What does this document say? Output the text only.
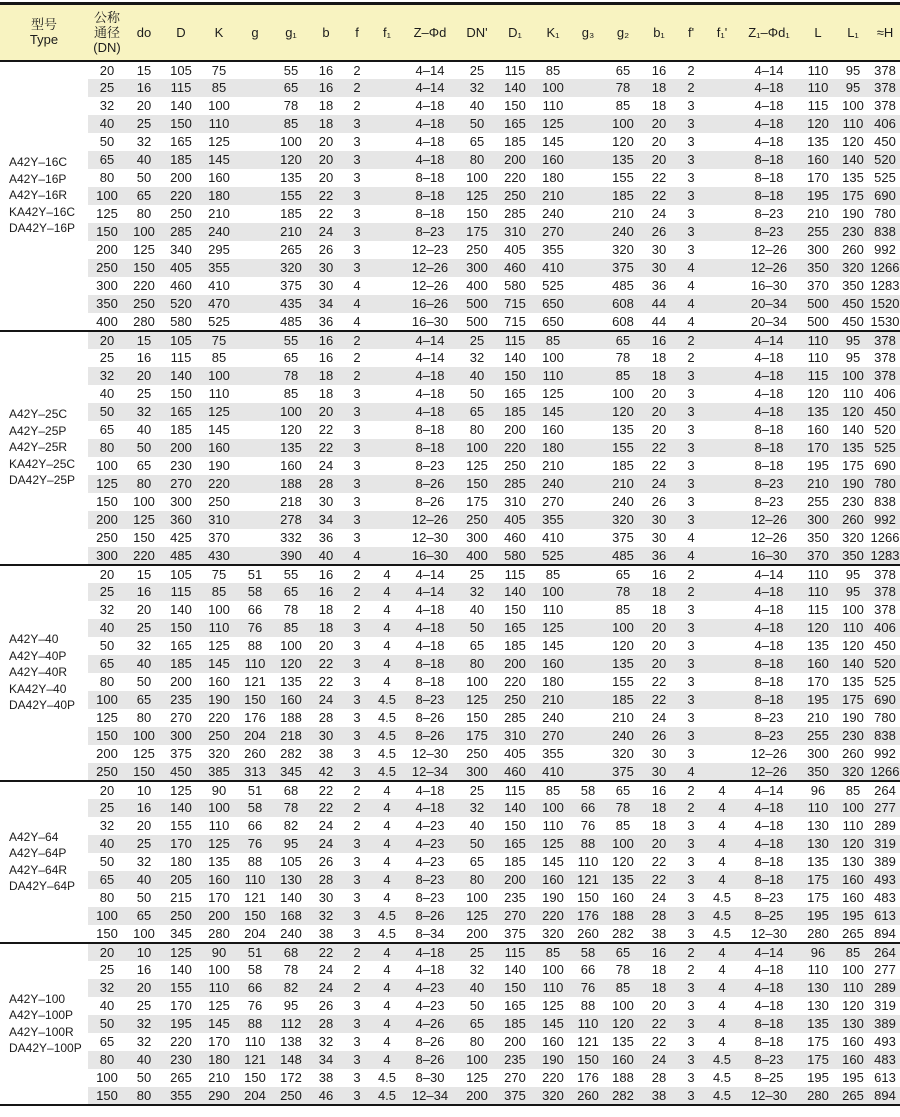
型号
Type

公称
通径
(DN)

do	D	K	g	g₁	b	f	f₁	Z–Φd	DN'	D₁	K₁	g₃	g₂	b₁	f'	f₁'	Z₁–Φd₁	L	L₁	≈H

A42Y–16C
A42Y–16P
A42Y–16R
KA42Y–16C
DA42Y–16P	20	15	105	75		55	16	2		4–14	25	115	85		65	16	2		4–14	110	95	378
	25	16	115	85		65	16	2		4–14	32	140	100		78	18	2		4–18	110	95	378
	32	20	140	100		78	18	2		4–18	40	150	110		85	18	3		4–18	115	100	378
	40	25	150	110		85	18	3		4–18	50	165	125		100	20	3		4–18	120	110	406
	50	32	165	125		100	20	3		4–18	65	185	145		120	20	3		4–18	135	120	450
	65	40	185	145		120	20	3		4–18	80	200	160		135	20	3		8–18	160	140	520
	80	50	200	160		135	20	3		8–18	100	220	180		155	22	3		8–18	170	135	525
	100	65	220	180		155	22	3		8–18	125	250	210		185	22	3		8–18	195	175	690
	125	80	250	210		185	22	3		8–18	150	285	240		210	24	3		8–23	210	190	780
	150	100	285	240		210	24	3		8–23	175	310	270		240	26	3		8–23	255	230	838
	200	125	340	295		265	26	3		12–23	250	405	355		320	30	3		12–26	300	260	992
	250	150	405	355		320	30	3		12–26	300	460	410		375	30	4		12–26	350	320	1266
	300	220	460	410		375	30	4		12–26	400	580	525		485	36	4		16–30	370	350	1283
	350	250	520	470		435	34	4		16–26	500	715	650		608	44	4		20–34	500	450	1520
	400	280	580	525		485	36	4		16–30	500	715	650		608	44	4		20–34	500	450	1530

A42Y–25C
A42Y–25P
A42Y–25R
KA42Y–25C
DA42Y–25P	20	15	105	75		55	16	2		4–14	25	115	85		65	16	2		4–14	110	95	378
	25	16	115	85		65	16	2		4–14	32	140	100		78	18	2		4–18	110	95	378
	32	20	140	100		78	18	2		4–18	40	150	110		85	18	3		4–18	115	100	378
	40	25	150	110		85	18	3		4–18	50	165	125		100	20	3		4–18	120	110	406
	50	32	165	125		100	20	3		4–18	65	185	145		120	20	3		4–18	135	120	450
	65	40	185	145		120	22	3		8–18	80	200	160		135	20	3		8–18	160	140	520
	80	50	200	160		135	22	3		8–18	100	220	180		155	22	3		8–18	170	135	525
	100	65	230	190		160	24	3		8–23	125	250	210		185	22	3		8–18	195	175	690
	125	80	270	220		188	28	3		8–26	150	285	240		210	24	3		8–23	210	190	780
	150	100	300	250		218	30	3		8–26	175	310	270		240	26	3		8–23	255	230	838
	200	125	360	310		278	34	3		12–26	250	405	355		320	30	3		12–26	300	260	992
	250	150	425	370		332	36	3		12–30	300	460	410		375	30	4		12–26	350	320	1266
	300	220	485	430		390	40	4		16–30	400	580	525		485	36	4		16–30	370	350	1283

A42Y–40
A42Y–40P
A42Y–40R
KA42Y–40
DA42Y–40P	20	15	105	75	51	55	16	2	4	4–14	25	115	85		65	16	2		4–14	110	95	378
	25	16	115	85	58	65	16	2	4	4–14	32	140	100		78	18	2		4–18	110	95	378
	32	20	140	100	66	78	18	2	4	4–18	40	150	110		85	18	3		4–18	115	100	378
	40	25	150	110	76	85	18	3	4	4–18	50	165	125		100	20	3		4–18	120	110	406
	50	32	165	125	88	100	20	3	4	4–18	65	185	145		120	20	3		4–18	135	120	450
	65	40	185	145	110	120	22	3	4	8–18	80	200	160		135	20	3		8–18	160	140	520
	80	50	200	160	121	135	22	3	4	8–18	100	220	180		155	22	3		8–18	170	135	525
	100	65	235	190	150	160	24	3	4.5	8–23	125	250	210		185	22	3		8–18	195	175	690
	125	80	270	220	176	188	28	3	4.5	8–26	150	285	240		210	24	3		8–23	210	190	780
	150	100	300	250	204	218	30	3	4.5	8–26	175	310	270		240	26	3		8–23	255	230	838
	200	125	375	320	260	282	38	3	4.5	12–30	250	405	355		320	30	3		12–26	300	260	992
	250	150	450	385	313	345	42	3	4.5	12–34	300	460	410		375	30	4		12–26	350	320	1266

A42Y–64
A42Y–64P
A42Y–64R
DA42Y–64P	20	10	125	90	51	68	22	2	4	4–18	25	115	85	58	65	16	2	4	4–14	96	85	264
	25	16	140	100	58	78	22	2	4	4–18	32	140	100	66	78	18	2	4	4–18	110	100	277
	32	20	155	110	66	82	24	2	4	4–23	40	150	110	76	85	18	3	4	4–18	130	110	289
	40	25	170	125	76	95	24	3	4	4–23	50	165	125	88	100	20	3	4	4–18	130	120	319
	50	32	180	135	88	105	26	3	4	4–23	65	185	145	110	120	22	3	4	8–18	135	130	389
	65	40	205	160	110	130	28	3	4	8–23	80	200	160	121	135	22	3	4	8–18	175	160	493
	80	50	215	170	121	140	30	3	4	8–23	100	235	190	150	160	24	3	4.5	8–23	175	160	483
	100	65	250	200	150	168	32	3	4.5	8–26	125	270	220	176	188	28	3	4.5	8–25	195	195	613
	150	100	345	280	204	240	38	3	4.5	8–34	200	375	320	260	282	38	3	4.5	12–30	280	265	894

A42Y–100
A42Y–100P
A42Y–100R
DA42Y–100P	20	10	125	90	51	68	22	2	4	4–18	25	115	85	58	65	16	2	4	4–14	96	85	264
	25	16	140	100	58	78	24	2	4	4–18	32	140	100	66	78	18	2	4	4–18	110	100	277
	32	20	155	110	66	82	24	2	4	4–23	40	150	110	76	85	18	3	4	4–18	130	110	289
	40	25	170	125	76	95	26	3	4	4–23	50	165	125	88	100	20	3	4	4–18	130	120	319
	50	32	195	145	88	112	28	3	4	4–26	65	185	145	110	120	22	3	4	8–18	135	130	389
	65	32	220	170	110	138	32	3	4	8–26	80	200	160	121	135	22	3	4	8–18	175	160	493
	80	40	230	180	121	148	34	3	4	8–26	100	235	190	150	160	24	3	4.5	8–23	175	160	483
	100	50	265	210	150	172	38	3	4.5	8–30	125	270	220	176	188	28	3	4.5	8–25	195	195	613
	150	80	355	290	204	250	46	3	4.5	12–34	200	375	320	260	282	38	3	4.5	12–30	280	265	894
